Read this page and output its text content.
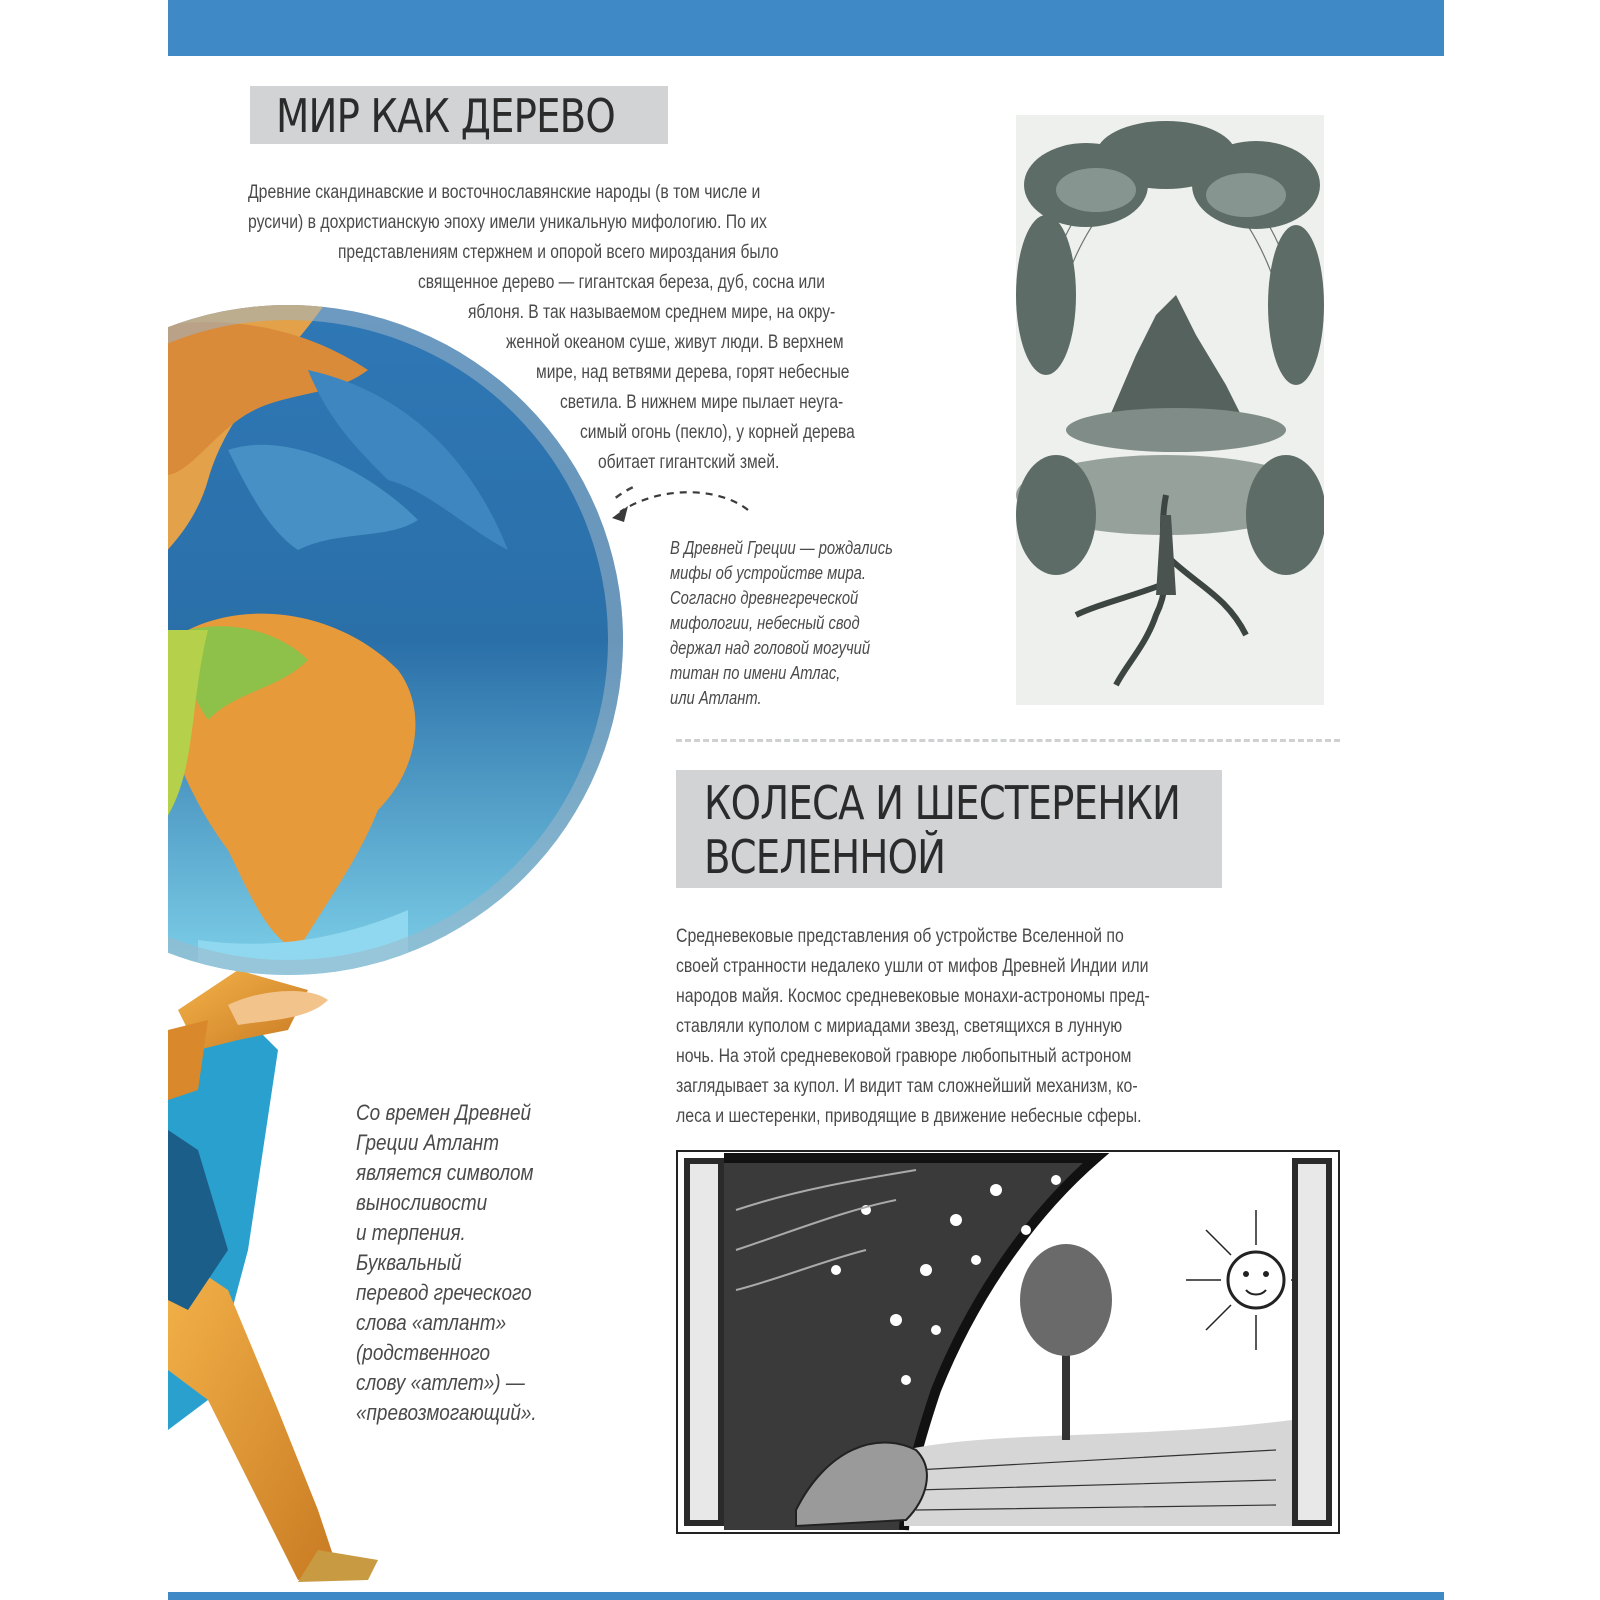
МИР КАК ДЕРЕВО
Древние скандинавские и восточнославянские народы (в том числе и
русичи) в дохристианскую эпоху имели уникальную мифологию. По их
представлениям стержнем и опорой всего мироздания было
священное дерево — гигантская береза, дуб, сосна или
яблоня. В так называемом среднем мире, на окру-
женной океаном суше, живут люди. В верхнем
мире, над ветвями дерева, горят небесные
светила. В нижнем мире пылает неуга-
симый огонь (пекло), у корней дерева
обитает гигантский змей.
В Древней Греции — рождались
мифы об устройстве мира.
Согласно древнегреческой
мифологии, небесный свод
держал над головой могучий
титан по имени Атлас,
или Атлант.
КОЛЕСА И ШЕСТЕРЕНКИ
ВСЕЛЕННОЙ
Средневековые представления об устройстве Вселенной по
своей странности недалеко ушли от мифов Древней Индии или
народов майя. Космос средневековые монахи-астрономы пред-
ставляли куполом с мириадами звезд, светящихся в лунную
ночь. На этой средневековой гравюре любопытный астроном
заглядывает за купол. И видит там сложнейший механизм, ко-
леса и шестеренки, приводящие в движение небесные сферы.
Со времен Древней
Греции Атлант
является символом
выносливости
и терпения.
Буквальный
перевод греческого
слова «атлант»
(родственного
слову «атлет») —
«превозмогающий».
